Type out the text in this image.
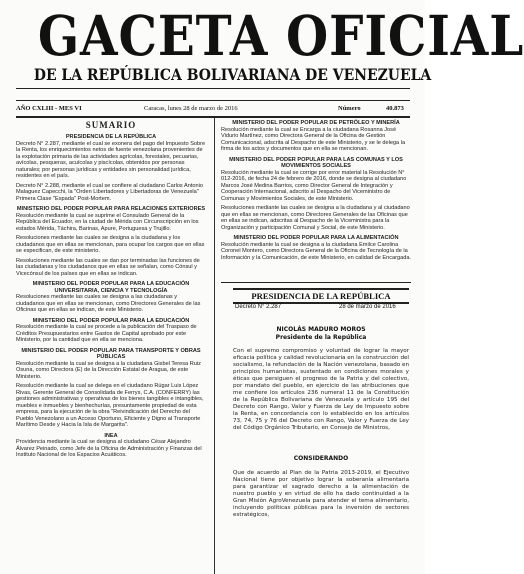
GACETA OFICIAL
DE LA REPÚBLICA BOLIVARIANA DE VENEZUELA
AÑO CXLIII - MES VI	Caracas, lunes 28 de marzo de 2016	Número	40.873
SUMARIO

PRESIDENCIA DE LA REPÚBLICA

Decreto N° 2.287, mediante el cual se exonera del pago del Impuesto Sobre la Renta, los enriquecimientos netos de fuente venezolana provenientes de la explotación primaria de las actividades agrícolas, forestales, pecuarias, avícolas, pesqueras, acuícolas y piscícolas, obtenidos por personas naturales; por personas jurídicas y entidades sin personalidad jurídica, residentes en el país.

Decreto N° 2.288, mediante el cual se confiere al ciudadano Carlos Antonio Malaguez Capecchi, la "Orden Libertadores y Libertadoras de Venezuela" Primera Clase "Espada" Post-Mortem.

MINISTERIO DEL PODER POPULAR PARA RELACIONES EXTERIORES

Resolución mediante la cual se suprime el Consulado General de la República del Ecuador, en la ciudad de Mérida con Circunscripción en los estados Mérida, Táchira, Barinas, Apure, Portuguesa y Trujillo.

Resoluciones mediante las cuales se designa a la ciudadana y los ciudadanos que en ellas se mencionan, para ocupar los cargos que en ellas se especifican, de este ministerio.

Resoluciones mediante las cuales se dan por terminadas las funciones de las ciudadanas y los ciudadanos que en ellas se señalan, como Cónsul y Vicecónsul de los países que en ellas se indican.

MINISTERIO DEL PODER POPULAR PARA LA EDUCACIÓN UNIVERSITARIA, CIENCIA Y TECNOLOGÍA

Resoluciones mediante las cuales se designa a las ciudadanas y ciudadanos que en ellas se mencionan, como Directores Generales de las Oficinas que en ellas se indican, de este Ministerio.

MINISTERIO DEL PODER POPULAR PARA LA EDUCACIÓN

Resolución mediante la cual se procede a la publicación del Traspaso de Créditos Presupuestarios entre Gastos de Capital aprobado por este Ministerio, por la cantidad que en ella se menciona.

MINISTERIO DEL PODER POPULAR PARA TRANSPORTE Y OBRAS PÚBLICAS

Resolución mediante la cual se designa a la ciudadana Gisbel Teresa Ruiz Osuna, como Directora (E) de la Dirección Estatal de Aragua, de este Ministerio.

Resolución mediante la cual se delega en el ciudadano Rúgar Luis López Rivas, Gerente General de Consolidada de Ferrys, C.A. (CONFERRY) las gestiones administrativas y operativas de los bienes tangibles e intangibles, muebles e inmuebles y bienhechurías, presuntamente propiedad de esta empresa, para la ejecución de la obra "Reivindicación del Derecho del Pueblo Venezolano a un Acceso Oportuno, Eficiente y Digno al Transporte Marítimo Desde y Hacia la Isla de Margarita".

INEA

Providencia mediante la cual se designa al ciudadano César Alejandro Álvarez Peinado, como Jefe de la Oficina de Administración y Finanzas del Instituto Nacional de los Espacios Acuáticos.

MINISTERIO DEL PODER POPULAR DE PETRÓLEO Y MINERÍA

Resolución mediante la cual se Encarga a la ciudadana Rosanna José Vidurio Martínez, como Directora General de la Oficina de Gestión Comunicacional, adscrita al Despacho de este Ministerio, y se le delega la firma de los actos y documentos que en ella se mencionan.

MINISTERIO DEL PODER POPULAR PARA LAS COMUNAS Y LOS MOVIMIENTOS SOCIALES

Resolución mediante la cual se corrige por error material la Resolución N° 012-2016, de fecha 24 de febrero de 2016, donde se designa al ciudadano Marcos José Medina Barrios, como Director General de Integración y Cooperación Internacional, adscrito al Despacho del Viceministro de Comunas y Movimientos Sociales, de este Ministerio.

Resoluciones mediante las cuales se designa a la ciudadana y al ciudadano que en ellas se mencionan, como Directores Generales de las Oficinas que en ellas se indican, adscritas al Despacho de la Viceministra para la Organización y participación Comunal y Social, de este Ministerio.

MINISTERIO DEL PODER POPULAR PARA LA ALIMENTACIÓN

Resolución mediante la cual se designa a la ciudadana Emilce Carolina Coronel Montero, como Directora General de la Oficina de Tecnología de la Información y la Comunicación, de este Ministerio, en calidad de Encargada.

PRESIDENCIA DE LA REPÚBLICA
Decreto N° 2.287	28 de marzo de 2016
NICOLÁS MADURO MOROS
Presidente de la República
Con el supremo compromiso y voluntad de lograr la mayor eficacia política y calidad revolucionaria en la construcción del socialismo, la refundación de la Nación venezolana, basado en principios humanistas, sustentado en condiciones morales y éticas que persiguen el progreso de la Patria y del colectivo, por mandato del pueblo, en ejercicio de las atribuciones que me confiere los artículos 236 numeral 11 de la Constitución de la República Bolivariana de Venezuela y artículo 195 del Decreto con Rango, Valor y Fuerza de Ley de Impuesto sobre la Renta, en concordancia con lo establecido en los artículos 73, 74, 75 y 76 del Decreto con Rango, Valor y Fuerza de Ley del Código Orgánico Tributario, en Consejo de Ministros,
CONSIDERANDO
Que de acuerdo al Plan de la Patria 2013-2019, el Ejecutivo Nacional tiene por objetivo lograr la soberanía alimentaria para garantizar el sagrado derecho a la alimentación de nuestro pueblo y en virtud de ello ha dado continuidad a la Gran Misión AgroVenezuela para atender el tema alimentario, incluyendo políticas públicas para la inversión de sectores estratégicos,
